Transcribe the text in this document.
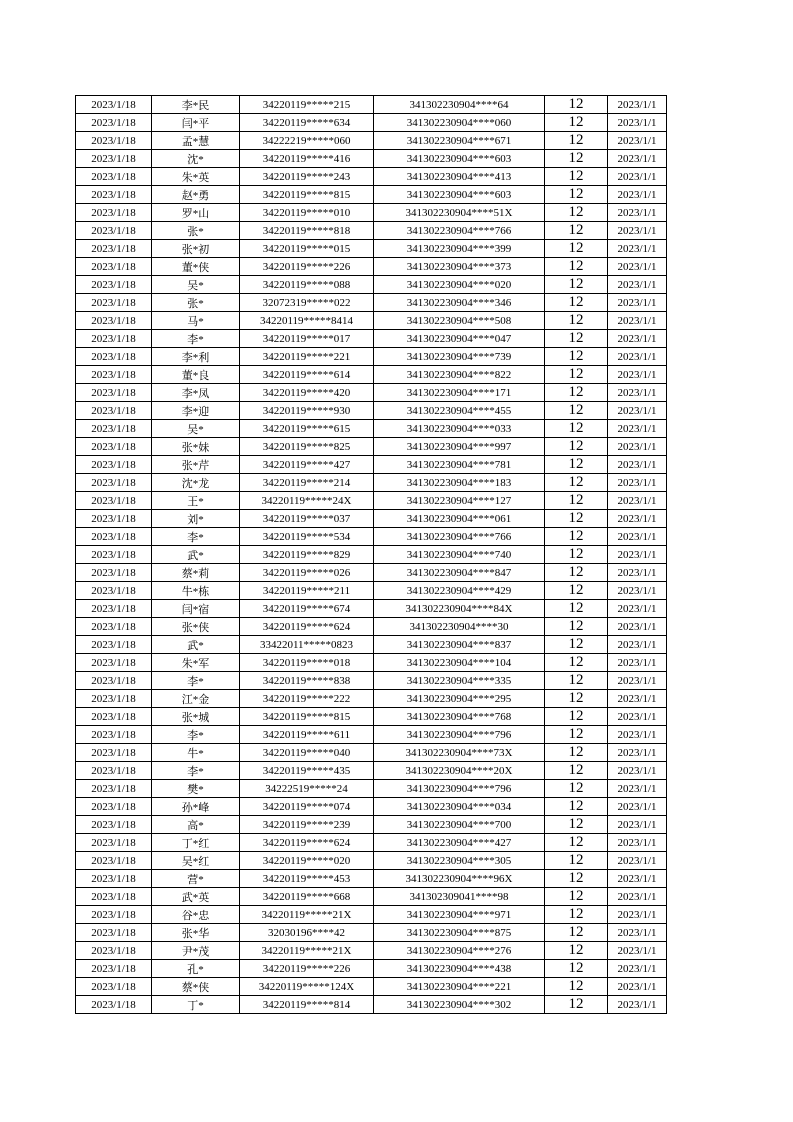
2023/1/18	李*民	34220119*****215	341302230904****64	12	2023/1/1
2023/1/18	闫*平	34220119*****634	341302230904****060	12	2023/1/1
2023/1/18	孟*慧	34222219*****060	341302230904****671	12	2023/1/1
2023/1/18	沈*	34220119*****416	341302230904****603	12	2023/1/1
2023/1/18	朱*英	34220119*****243	341302230904****413	12	2023/1/1
2023/1/18	赵*勇	34220119*****815	341302230904****603	12	2023/1/1
2023/1/18	罗*山	34220119*****010	341302230904****51X	12	2023/1/1
2023/1/18	张*	34220119*****818	341302230904****766	12	2023/1/1
2023/1/18	张*初	34220119*****015	341302230904****399	12	2023/1/1
2023/1/18	董*侠	34220119*****226	341302230904****373	12	2023/1/1
2023/1/18	吴*	34220119*****088	341302230904****020	12	2023/1/1
2023/1/18	张*	32072319*****022	341302230904****346	12	2023/1/1
2023/1/18	马*	34220119*****8414	341302230904****508	12	2023/1/1
2023/1/18	李*	34220119*****017	341302230904****047	12	2023/1/1
2023/1/18	李*利	34220119*****221	341302230904****739	12	2023/1/1
2023/1/18	董*良	34220119*****614	341302230904****822	12	2023/1/1
2023/1/18	李*凤	34220119*****420	341302230904****171	12	2023/1/1
2023/1/18	李*迎	34220119*****930	341302230904****455	12	2023/1/1
2023/1/18	吴*	34220119*****615	341302230904****033	12	2023/1/1
2023/1/18	张*妹	34220119*****825	341302230904****997	12	2023/1/1
2023/1/18	张*芹	34220119*****427	341302230904****781	12	2023/1/1
2023/1/18	沈*龙	34220119*****214	341302230904****183	12	2023/1/1
2023/1/18	王*	34220119*****24X	341302230904****127	12	2023/1/1
2023/1/18	刘*	34220119*****037	341302230904****061	12	2023/1/1
2023/1/18	李*	34220119*****534	341302230904****766	12	2023/1/1
2023/1/18	武*	34220119*****829	341302230904****740	12	2023/1/1
2023/1/18	蔡*莉	34220119*****026	341302230904****847	12	2023/1/1
2023/1/18	牛*栋	34220119*****211	341302230904****429	12	2023/1/1
2023/1/18	闫*宿	34220119*****674	341302230904****84X	12	2023/1/1
2023/1/18	张*侠	34220119*****624	341302230904****30	12	2023/1/1
2023/1/18	武*	33422011*****0823	341302230904****837	12	2023/1/1
2023/1/18	朱*军	34220119*****018	341302230904****104	12	2023/1/1
2023/1/18	李*	34220119*****838	341302230904****335	12	2023/1/1
2023/1/18	江*金	34220119*****222	341302230904****295	12	2023/1/1
2023/1/18	张*城	34220119*****815	341302230904****768	12	2023/1/1
2023/1/18	李*	34220119*****611	341302230904****796	12	2023/1/1
2023/1/18	牛*	34220119*****040	341302230904****73X	12	2023/1/1
2023/1/18	李*	34220119*****435	341302230904****20X	12	2023/1/1
2023/1/18	樊*	34222519*****24	341302230904****796	12	2023/1/1
2023/1/18	孙*峰	34220119*****074	341302230904****034	12	2023/1/1
2023/1/18	高*	34220119*****239	341302230904****700	12	2023/1/1
2023/1/18	丁*红	34220119*****624	341302230904****427	12	2023/1/1
2023/1/18	吴*红	34220119*****020	341302230904****305	12	2023/1/1
2023/1/18	营*	34220119*****453	341302230904****96X	12	2023/1/1
2023/1/18	武*英	34220119*****668	341302309041****98	12	2023/1/1
2023/1/18	谷*忠	34220119*****21X	341302230904****971	12	2023/1/1
2023/1/18	张*华	32030196****42	341302230904****875	12	2023/1/1
2023/1/18	尹*茂	34220119*****21X	341302230904****276	12	2023/1/1
2023/1/18	孔*	34220119*****226	341302230904****438	12	2023/1/1
2023/1/18	蔡*侠	34220119*****124X	341302230904****221	12	2023/1/1
2023/1/18	丁*	34220119*****814	341302230904****302	12	2023/1/1
